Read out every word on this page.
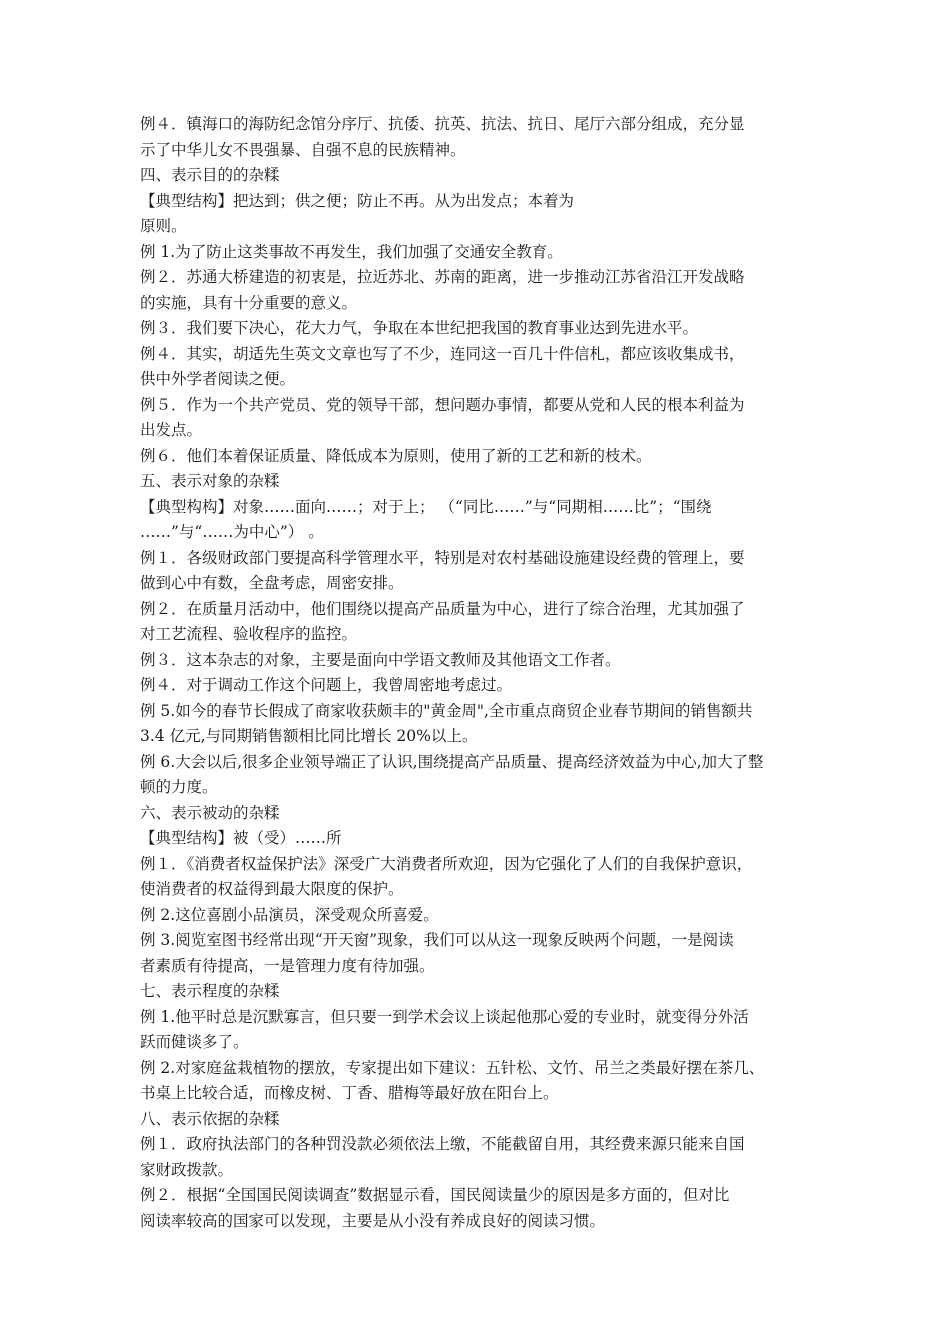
例４．镇海口的海防纪念馆分序厅、抗倭、抗英、抗法、抗日、尾厅六部分组成，充分显
示了中华儿女不畏强暴、自强不息的民族精神。
四、表示目的的杂糅
【典型结构】把达到；供之便；防止不再。从为出发点；本着为
原则。
例 1.为了防止这类事故不再发生，我们加强了交通安全教育。
例２．苏通大桥建造的初衷是，拉近苏北、苏南的距离，进一步推动江苏省沿江开发战略
的实施，具有十分重要的意义。
例３．我们要下决心，花大力气，争取在本世纪把我国的教育事业达到先进水平。
例４．其实，胡适先生英文文章也写了不少，连同这一百几十件信札，都应该收集成书，
供中外学者阅读之便。
例５．作为一个共产党员、党的领导干部，想问题办事情，都要从党和人民的根本利益为
出发点。
例６．他们本着保证质量、降低成本为原则，使用了新的工艺和新的枝术。
五、表示对象的杂糅
【典型构构】对象……面向……；对于上； （“同比……”与“同期相……比”；“围绕
……”与“……为中心”） 。
例１．各级财政部门要提高科学管理水平，特别是对农村基础设施建设经费的管理上，要
做到心中有数，全盘考虑，周密安排。
例２．在质量月活动中，他们围绕以提高产品质量为中心，进行了综合治理，尤其加强了
对工艺流程、验收程序的监控。
例３．这本杂志的对象，主要是面向中学语文教师及其他语文工作者。
例４．对于调动工作这个问题上，我曾周密地考虑过。
例 5.如今的春节长假成了商家收获颇丰的"黄金周",全市重点商贸企业春节期间的销售额共
3.4 亿元,与同期销售额相比同比增长 20%以上。
例 6.大会以后,很多企业领导端正了认识,围绕提高产品质量、提高经济效益为中心,加大了整
顿的力度。
六、表示被动的杂糅
【典型结构】被（受）……所
例１．《消费者权益保护法》深受广大消费者所欢迎，因为它强化了人们的自我保护意识，
使消费者的权益得到最大限度的保护。
例 2.这位喜剧小品演员，深受观众所喜爱。
例 3.阅览室图书经常出现“开天窗”现象，我们可以从这一现象反映两个问题，一是阅读
者素质有待提高，一是管理力度有待加强。
七、表示程度的杂糅
例 1.他平时总是沉默寡言，但只要一到学术会议上谈起他那心爱的专业时，就变得分外活
跃而健谈多了。
例 2.对家庭盆栽植物的摆放，专家提出如下建议：五针松、文竹、吊兰之类最好摆在茶几、
书桌上比较合适，而橡皮树、丁香、腊梅等最好放在阳台上。
八、表示依据的杂糅
例１．政府执法部门的各种罚没款必须依法上缴，不能截留自用，其经费来源只能来自国
家财政拨款。
例２．根据“全国国民阅读调查”数据显示看，国民阅读量少的原因是多方面的，但对比
阅读率较高的国家可以发现，主要是从小没有养成良好的阅读习惯。
